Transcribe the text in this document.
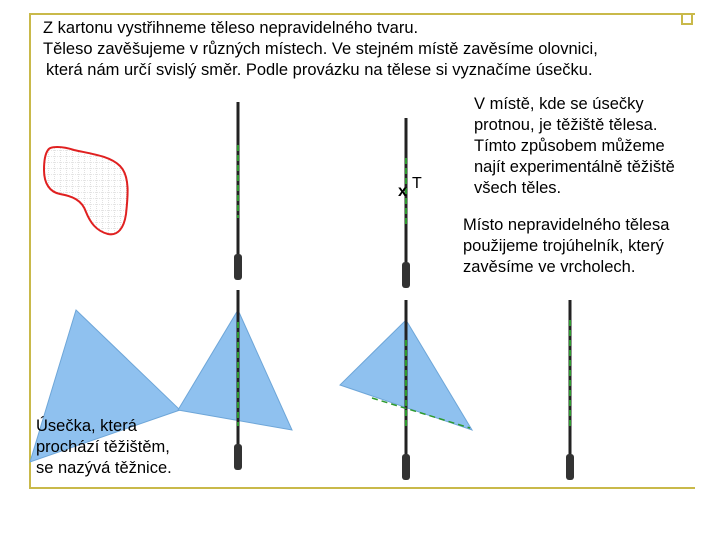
Z kartonu vystřihneme těleso nepravidelného tvaru.
Těleso zavěšujeme v různých místech. Ve stejném místě zavěsíme olovnici,
která nám určí svislý směr. Podle provázku na tělese si vyznačíme úsečku.
V místě, kde se úsečky
protnou, je těžiště tělesa.
Tímto způsobem můžeme
najít experimentálně těžiště
všech těles.
Místo nepravidelného tělesa
použijeme trojúhelník, který
zavěsíme ve vrcholech.
x T
Úsečka, která
prochází těžištěm,
se nazývá těžnice.
